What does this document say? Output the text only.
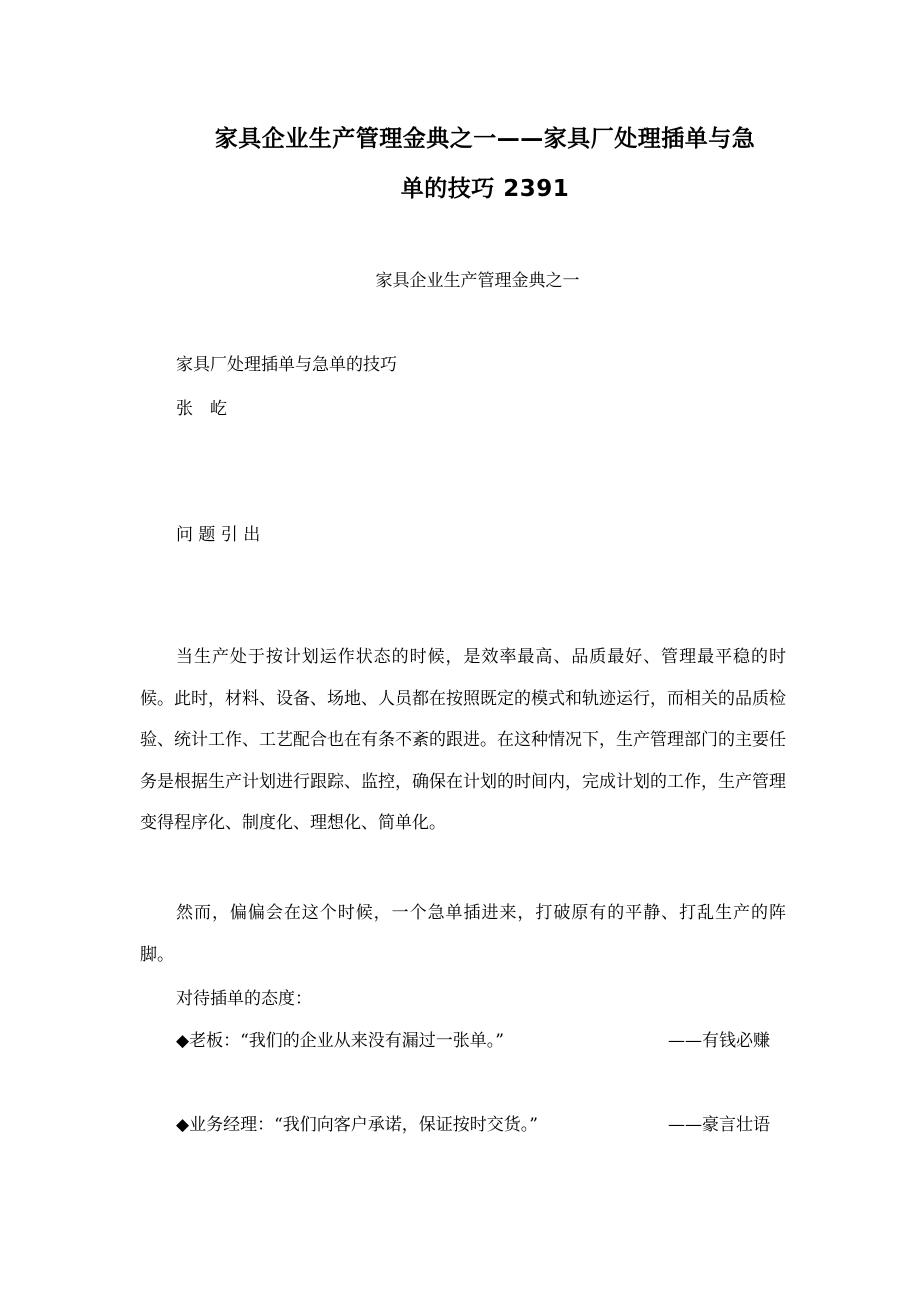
家具企业生产管理金典之一——家具厂处理插单与急
单的技巧 2391
家具企业生产管理金典之一
家具厂处理插单与急单的技巧
张　屹
问 题 引 出

当生产处于按计划运作状态的时候，是效率最高、品质最好、管理最平稳的时候。此时，材料、设备、场地、人员都在按照既定的模式和轨迹运行，而相关的品质检验、统计工作、工艺配合也在有条不紊的跟进。在这种情况下，生产管理部门的主要任务是根据生产计划进行跟踪、监控，确保在计划的时间内，完成计划的工作，生产管理变得程序化、制度化、理想化、简单化。

然而，偏偏会在这个时候，一个急单插进来，打破原有的平静、打乱生产的阵脚。

对待插单的态度：
◆老板：“我们的企业从来没有漏过一张单。”	——有钱必赚
◆业务经理：“我们向客户承诺，保证按时交货。”	——豪言壮语
